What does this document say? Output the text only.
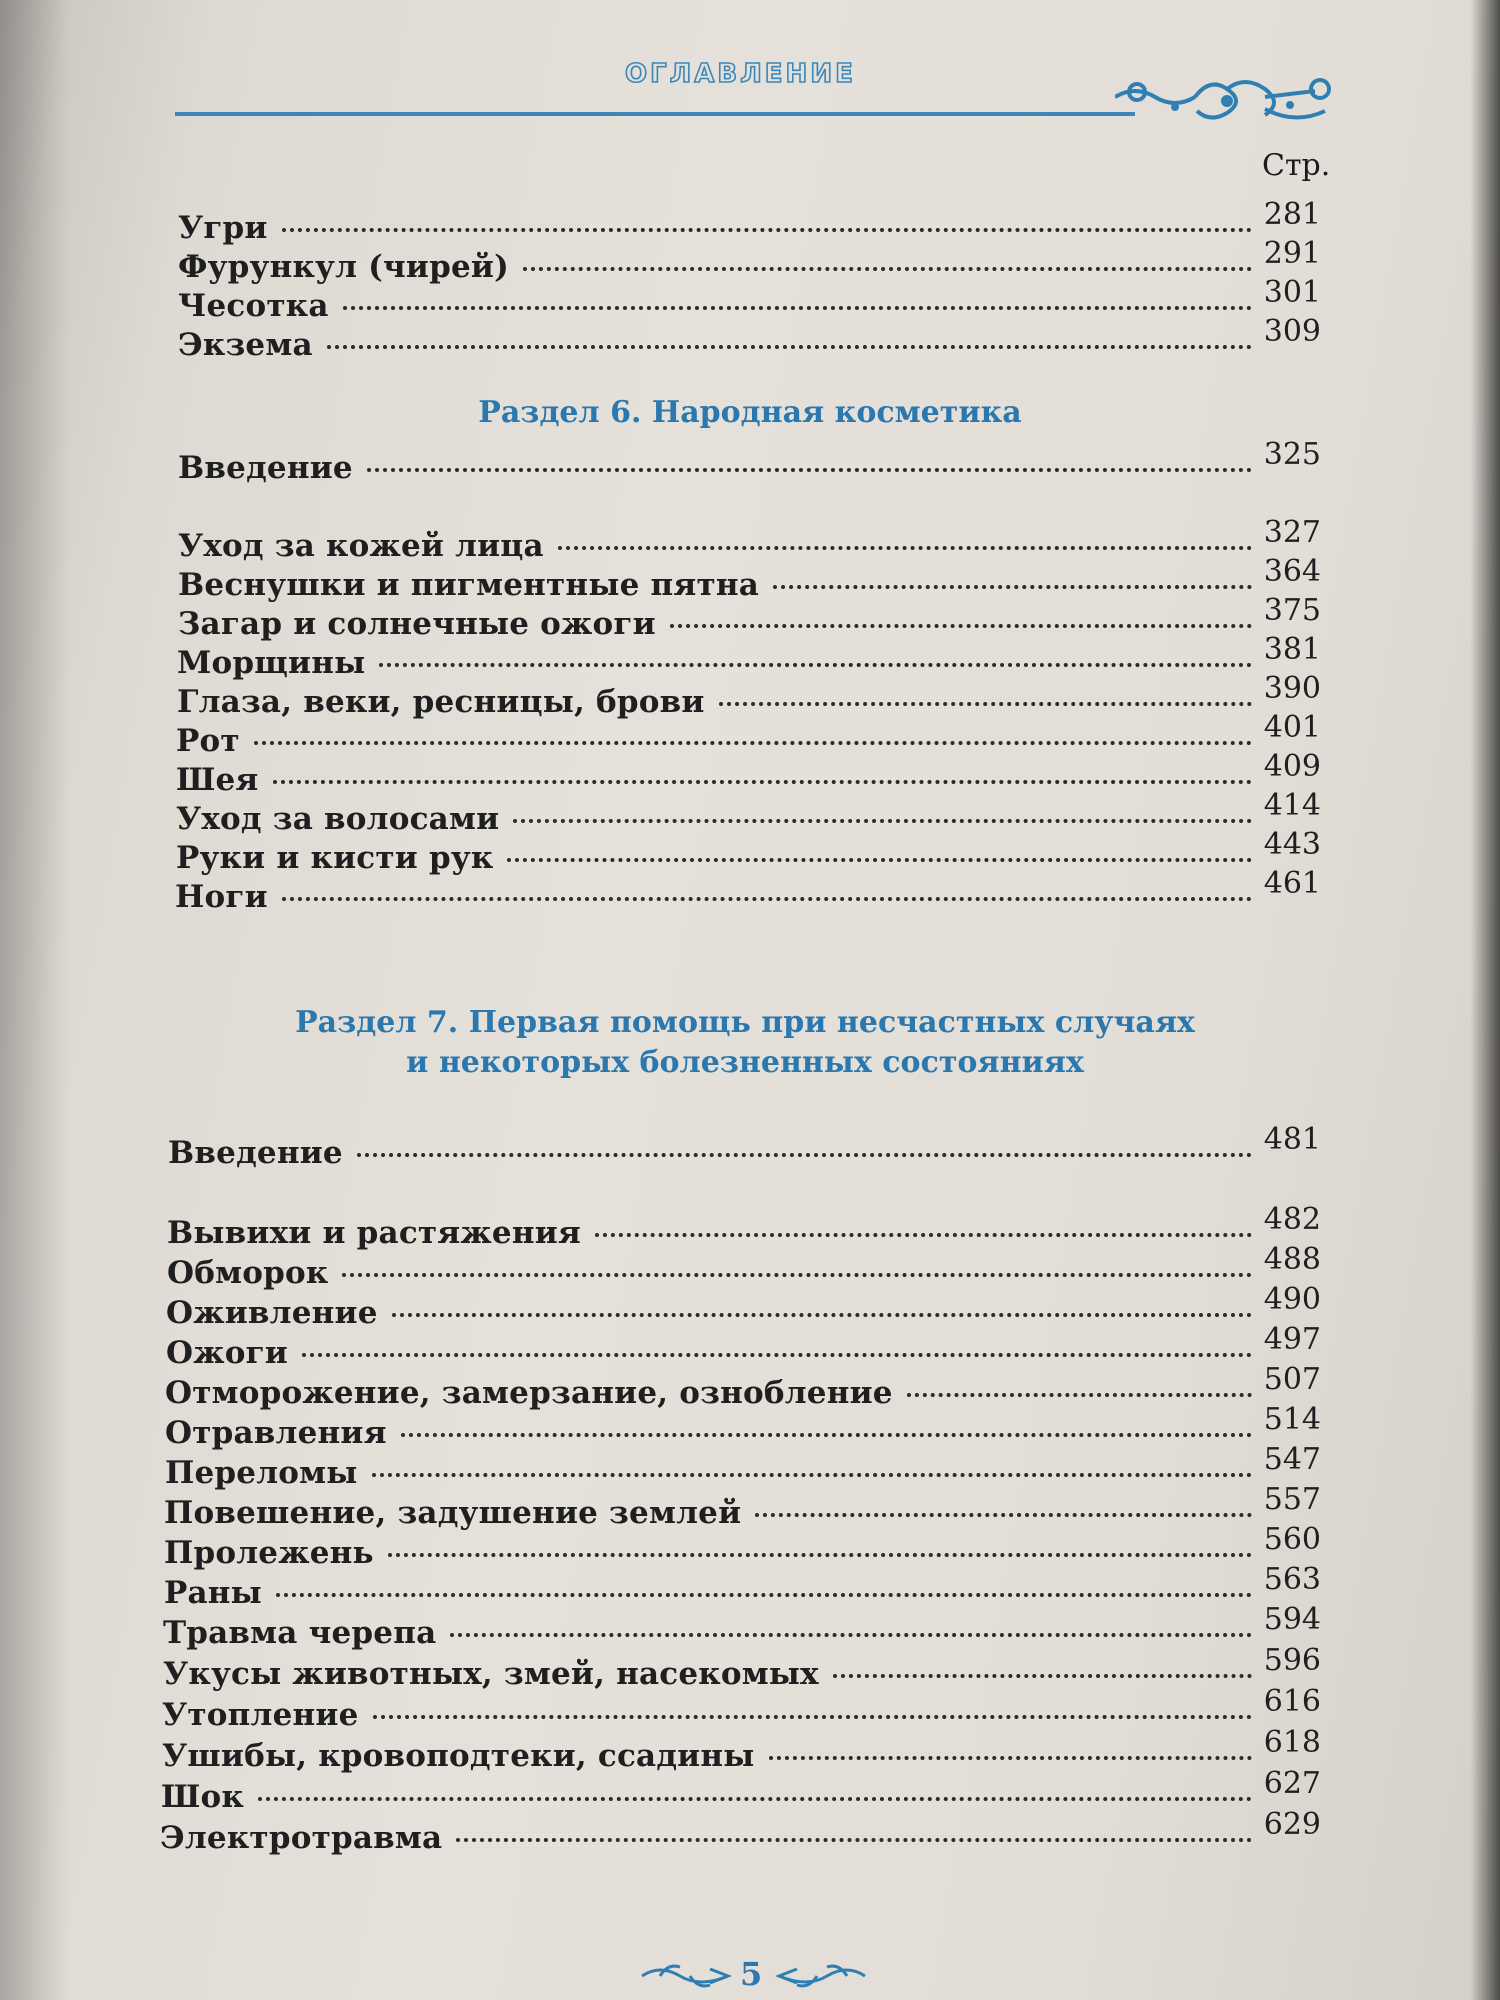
ОГЛАВЛЕНИЕ
Стр.
Угри	281
Фурункул (чирей)	291
Чесотка	301
Экзема	309
Раздел 6. Народная косметика
Введение	325
Уход за кожей лица	327
Веснушки и пигментные пятна	364
Загар и солнечные ожоги	375
Морщины	381
Глаза, веки, ресницы, брови	390
Рот	401
Шея	409
Уход за волосами	414
Руки и кисти рук	443
Ноги	461
Раздел 7. Первая помощь при несчастных случаях
и некоторых болезненных состояниях
Введение	481
Вывихи и растяжения	482
Обморок	488
Оживление	490
Ожоги	497
Отморожение, замерзание, ознобление	507
Отравления	514
Переломы	547
Повешение, задушение землей	557
Пролежень	560
Раны	563
Травма черепа	594
Укусы животных, змей, насекомых	596
Утопление	616
Ушибы, кровоподтеки, ссадины	618
Шок	627
Электротравма	629
5
